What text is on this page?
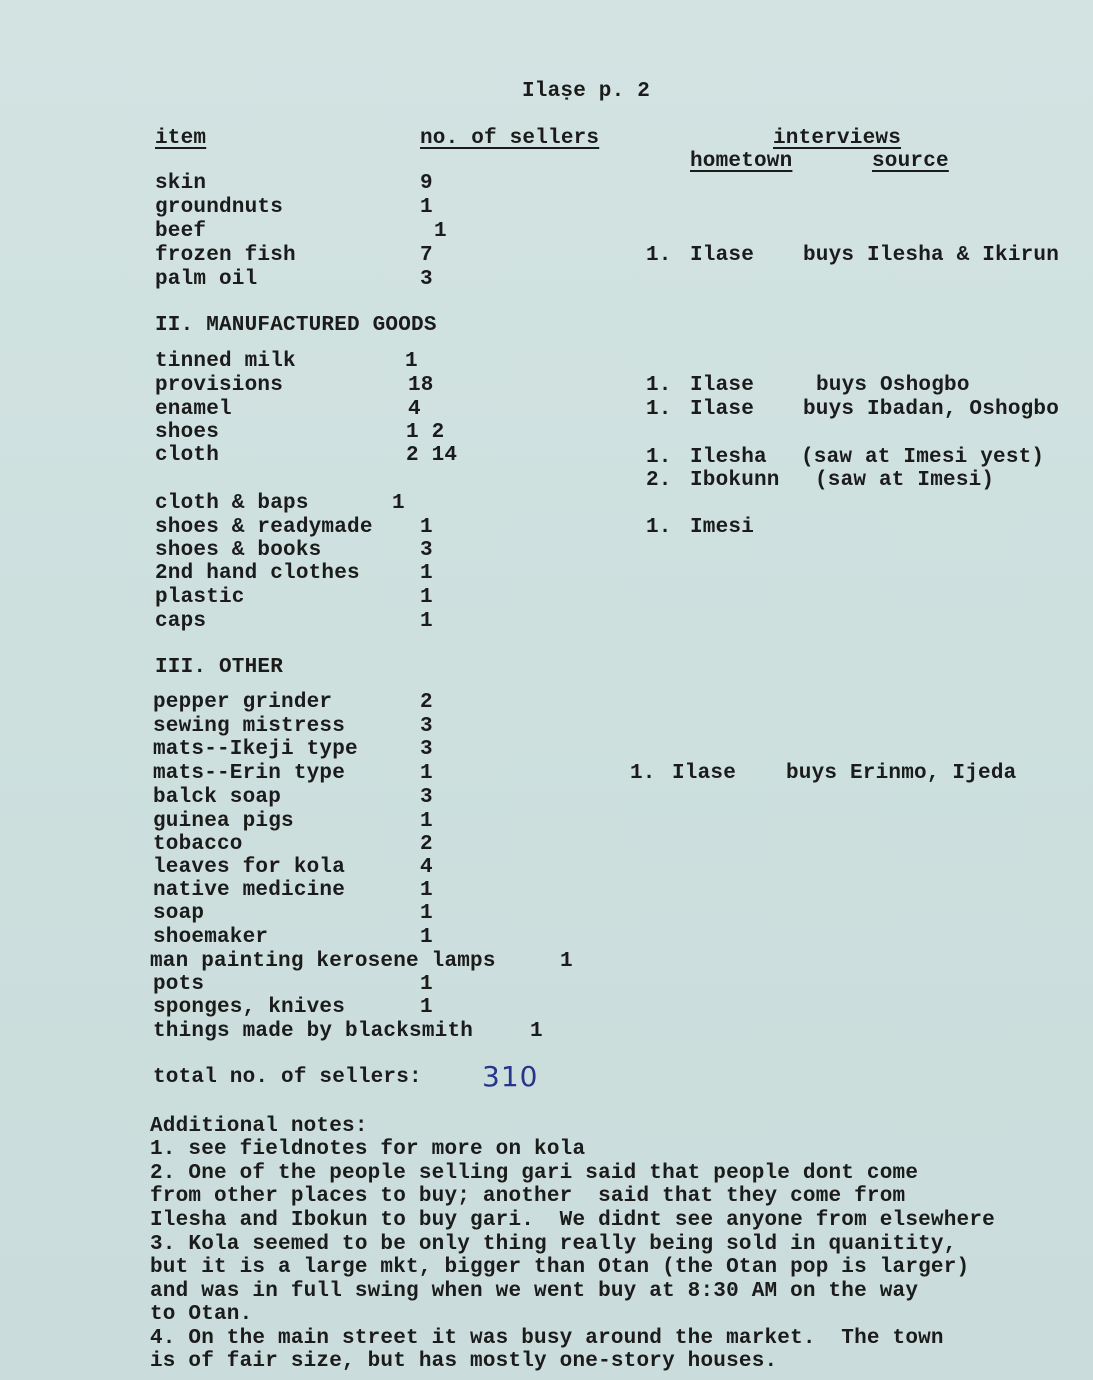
Ilaṣe p. 2
item	no. of sellers	interviews
hometown	source
skin	9
groundnuts	1
beef	1
frozen fish	7	1. Ilase buys Ilesha & Ikirun
palm oil	3
II. MANUFACTURED GOODS
tinned milk	1
provisions	18	1. Ilase	buys Oshogbo
enamel	4	1. Ilase buys Ibadan, Oshogbo
shoes	1 2
cloth	2 14	1. Ilesha (saw at Imesi yest)
2. Ibokunn (saw at Imesi)
cloth & baps	1
shoes & readymade 1	1. Imesi
shoes & books	3
2nd hand clothes	1
plastic	1
caps	1
III. OTHER
pepper grinder	2
sewing mistress	3
mats--Ikeji type	3
mats--Erin type	1	1. Ilase buys Erinmo, Ijeda
balck soap	3
guinea pigs	1
tobacco	2
leaves for kola	4
native medicine	1
soap	1
shoemaker	1
man painting kerosene lamps	1
pots	1
sponges, knives	1
things made by blacksmith	1
total no. of sellers: 310
Additional notes:
1. see fieldnotes for more on kola
2. One of the people selling gari said that people dont come
from other places to buy; another  said that they come from
Ilesha and Ibokun to buy gari.  We didnt see anyone from elsewhere
3. Kola seemed to be only thing really being sold in quanitity,
but it is a large mkt, bigger than Otan (the Otan pop is larger)
and was in full swing when we went buy at 8:30 AM on the way
to Otan.
4. On the main street it was busy around the market.  The town
is of fair size, but has mostly one-story houses.
